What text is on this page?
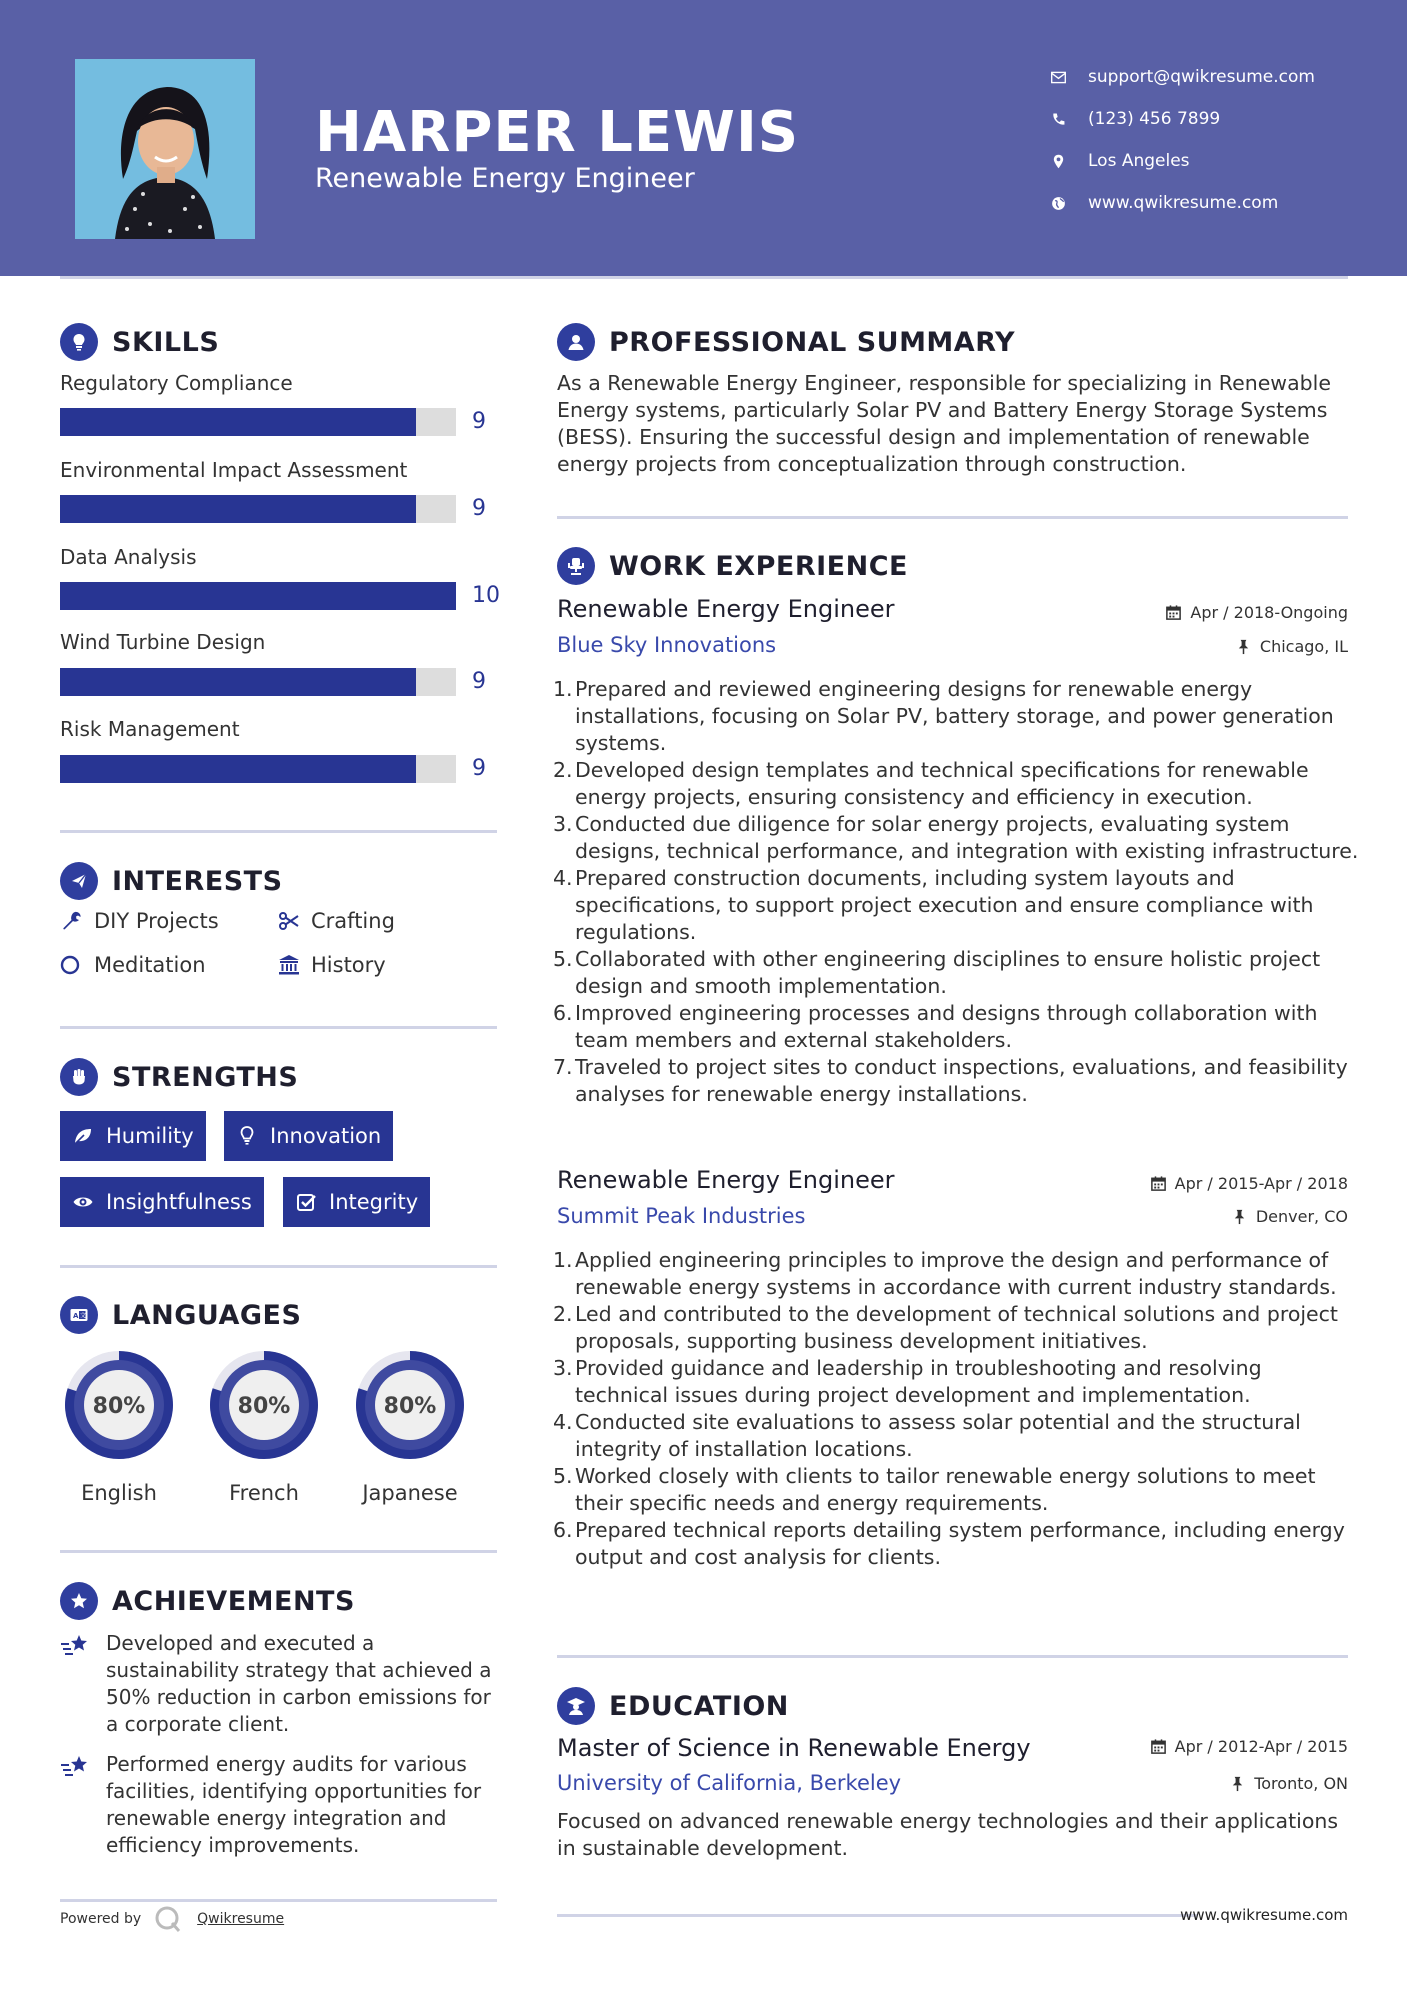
HARPER LEWIS
Renewable Energy Engineer
support@qwikresume.com
(123) 456 7899
Los Angeles
www.qwikresume.com
SKILLS
Regulatory Compliance
9
Environmental Impact Assessment
9
Data Analysis
10
Wind Turbine Design
9
Risk Management
9
INTERESTS
DIY Projects	Crafting
Meditation	History
STRENGTHS
Humility	Innovation
Insightfulness	Integrity
A 文 LANGUAGES
80%
English
80%
French
80%
Japanese
ACHIEVEMENTS
Developed and executed a sustainability strategy that achieved a 50% reduction in carbon emissions for a corporate client.
Performed energy audits for various facilities, identifying opportunities for renewable energy integration and efficiency improvements.
Powered by	Qwikresume
PROFESSIONAL SUMMARY
As a Renewable Energy Engineer, responsible for specializing in Renewable Energy systems, particularly Solar PV and Battery Energy Storage Systems (BESS). Ensuring the successful design and implementation of renewable energy projects from conceptualization through construction.
WORK EXPERIENCE
Renewable Energy Engineer	Apr / 2018-Ongoing
Blue Sky Innovations	Chicago, IL
1. Prepared and reviewed engineering designs for renewable energy installations, focusing on Solar PV, battery storage, and power generation systems.
2. Developed design templates and technical specifications for renewable energy projects, ensuring consistency and efficiency in execution.
3. Conducted due diligence for solar energy projects, evaluating system designs, technical performance, and integration with existing infrastructure.
4. Prepared construction documents, including system layouts and specifications, to support project execution and ensure compliance with regulations.
5. Collaborated with other engineering disciplines to ensure holistic project design and smooth implementation.
6. Improved engineering processes and designs through collaboration with team members and external stakeholders.
7. Traveled to project sites to conduct inspections, evaluations, and feasibility analyses for renewable energy installations.
Renewable Energy Engineer	Apr / 2015-Apr / 2018
Summit Peak Industries	Denver, CO
1. Applied engineering principles to improve the design and performance of renewable energy systems in accordance with current industry standards.
2. Led and contributed to the development of technical solutions and project proposals, supporting business development initiatives.
3. Provided guidance and leadership in troubleshooting and resolving technical issues during project development and implementation.
4. Conducted site evaluations to assess solar potential and the structural integrity of installation locations.
5. Worked closely with clients to tailor renewable energy solutions to meet their specific needs and energy requirements.
6. Prepared technical reports detailing system performance, including energy output and cost analysis for clients.
EDUCATION
Master of Science in Renewable Energy	Apr / 2012-Apr / 2015
University of California, Berkeley	Toronto, ON
Focused on advanced renewable energy technologies and their applications in sustainable development.
www.qwikresume.com
